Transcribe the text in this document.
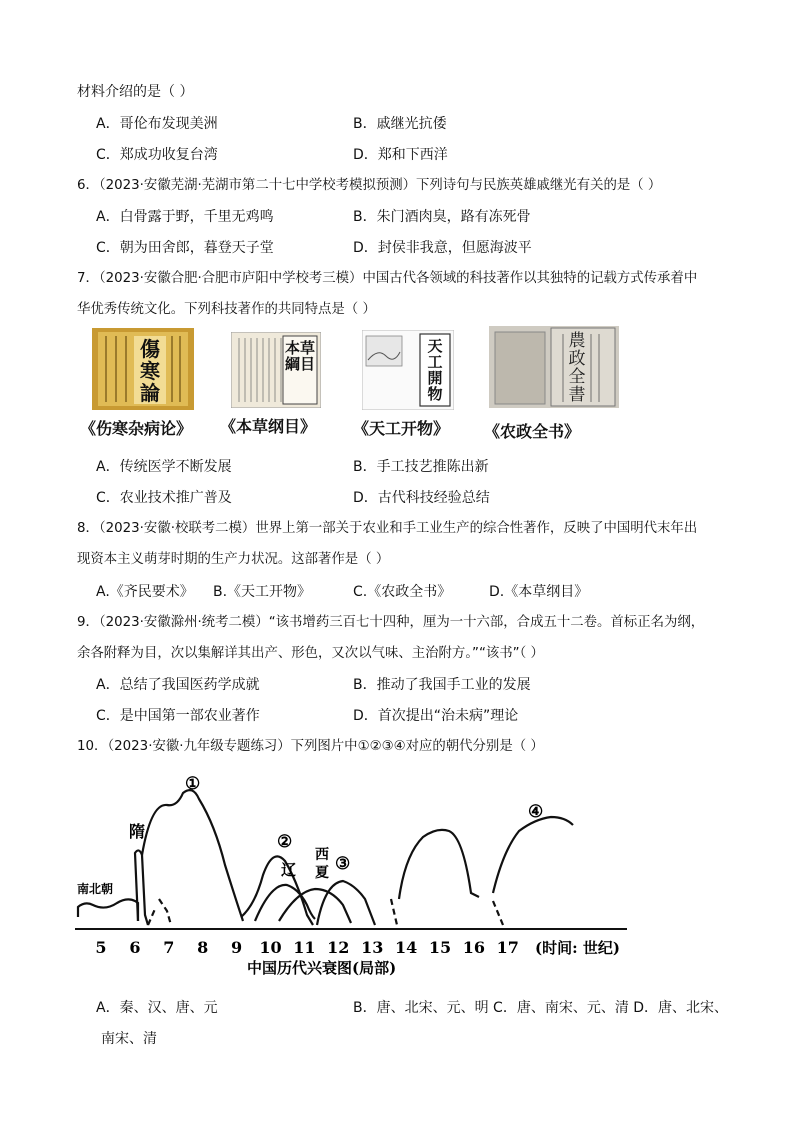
材料介绍的是（ ）
A．哥伦布发现美洲	B．戚继光抗倭
C．郑成功收复台湾	D．郑和下西洋
6．（2023·安徽芜湖·芜湖市第二十七中学校考模拟预测）下列诗句与民族英雄戚继光有关的是（ ）
A．白骨露于野，千里无鸡鸣	B．朱门酒肉臭，路有冻死骨
C．朝为田舍郎，暮登天子堂	D．封侯非我意，但愿海波平
7．（2023·安徽合肥·合肥市庐阳中学校考三模）中国古代各领域的科技著作以其独特的记载方式传承着中
华优秀传统文化。下列科技著作的共同特点是（ ）
傷寒論
本草綱目
天工開物
農政全書
《伤寒杂病论》 《本草纲目》 《天工开物》 《农政全书》
A．传统医学不断发展	B．手工技艺推陈出新
C．农业技术推广普及	D．古代科技经验总结
8．（2023·安徽·校联考二模）世界上第一部关于农业和手工业生产的综合性著作，反映了中国明代末年出
现资本主义萌芽时期的生产力状况。这部著作是（ ）
A.《齐民要术》 B.《天工开物》	C.《农政全书》	D.《本草纲目》
9．（2023·安徽滁州·统考二模）“该书增药三百七十四种，厘为一十六部，合成五十二卷。首标正名为纲，
余各附释为目，次以集解详其出产、形色，又次以气味、主治附方。”“该书”（ ）
A．总结了我国医药学成就	B．推动了我国手工业的发展
C．是中国第一部农业著作	D．首次提出“治未病”理论
10．（2023·安徽·九年级专题练习）下列图片中①②③④对应的朝代分别是（ ）
南北朝
隋
辽
西
夏
①
②
③
④
5 6 7 8 9 10 11 12 13 14 15 16 17 (时间: 世纪)
中国历代兴衰图(局部)
A．秦、汉、唐、元	B．唐、北宋、元、明 C．唐、南宋、元、清 D．唐、北宋、
南宋、清
